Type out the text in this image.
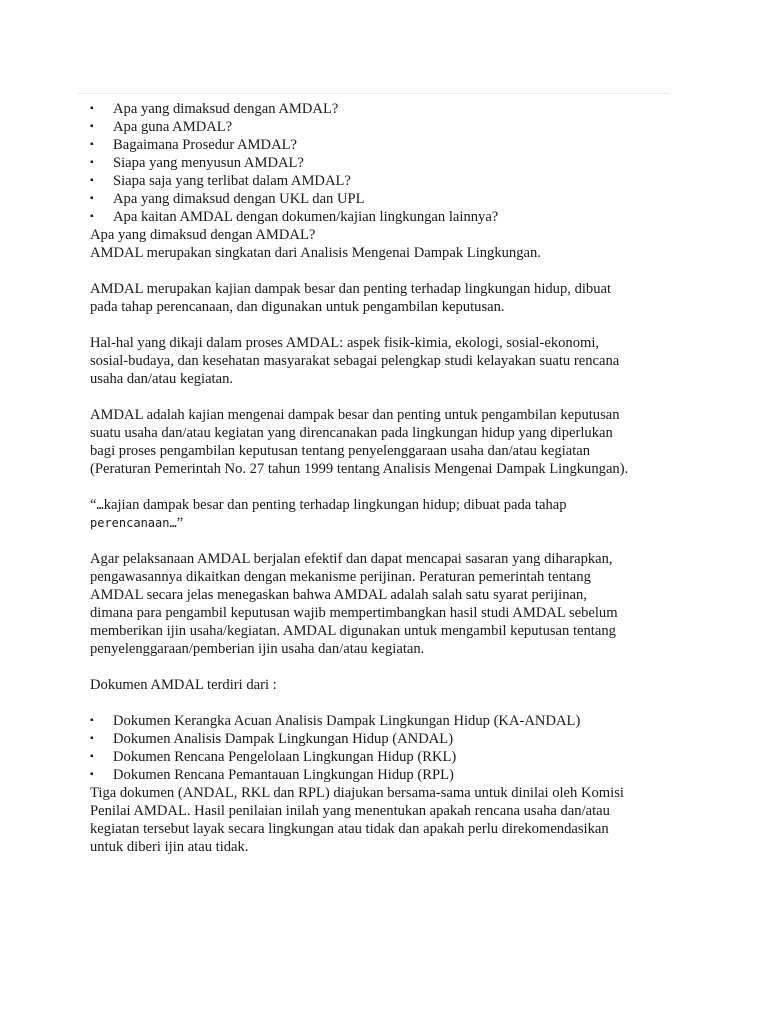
▪ Apa yang dimaksud dengan AMDAL?
▪ Apa guna AMDAL?
▪ Bagaimana Prosedur AMDAL?
▪ Siapa yang menyusun AMDAL?
▪ Siapa saja yang terlibat dalam AMDAL?
▪ Apa yang dimaksud dengan UKL dan UPL
▪ Apa kaitan AMDAL dengan dokumen/kajian lingkungan lainnya?
Apa yang dimaksud dengan AMDAL?
AMDAL merupakan singkatan dari Analisis Mengenai Dampak Lingkungan.

AMDAL merupakan kajian dampak besar dan penting terhadap lingkungan hidup, dibuat
pada tahap perencanaan, dan digunakan untuk pengambilan keputusan.

Hal-hal yang dikaji dalam proses AMDAL: aspek fisik-kimia, ekologi, sosial-ekonomi,
sosial-budaya, dan kesehatan masyarakat sebagai pelengkap studi kelayakan suatu rencana
usaha dan/atau kegiatan.

AMDAL adalah kajian mengenai dampak besar dan penting untuk pengambilan keputusan
suatu usaha dan/atau kegiatan yang direncanakan pada lingkungan hidup yang diperlukan
bagi proses pengambilan keputusan tentang penyelenggaraan usaha dan/atau kegiatan
(Peraturan Pemerintah No. 27 tahun 1999 tentang Analisis Mengenai Dampak Lingkungan).

“…kajian dampak besar dan penting terhadap lingkungan hidup; dibuat pada tahap
perencanaan…”

Agar pelaksanaan AMDAL berjalan efektif dan dapat mencapai sasaran yang diharapkan,
pengawasannya dikaitkan dengan mekanisme perijinan. Peraturan pemerintah tentang
AMDAL secara jelas menegaskan bahwa AMDAL adalah salah satu syarat perijinan,
dimana para pengambil keputusan wajib mempertimbangkan hasil studi AMDAL sebelum
memberikan ijin usaha/kegiatan. AMDAL digunakan untuk mengambil keputusan tentang
penyelenggaraan/pemberian ijin usaha dan/atau kegiatan.

Dokumen AMDAL terdiri dari :
▪ Dokumen Kerangka Acuan Analisis Dampak Lingkungan Hidup (KA-ANDAL)
▪ Dokumen Analisis Dampak Lingkungan Hidup (ANDAL)
▪ Dokumen Rencana Pengelolaan Lingkungan Hidup (RKL)
▪ Dokumen Rencana Pemantauan Lingkungan Hidup (RPL)

Tiga dokumen (ANDAL, RKL dan RPL) diajukan bersama-sama untuk dinilai oleh Komisi
Penilai AMDAL. Hasil penilaian inilah yang menentukan apakah rencana usaha dan/atau
kegiatan tersebut layak secara lingkungan atau tidak dan apakah perlu direkomendasikan
untuk diberi ijin atau tidak.
